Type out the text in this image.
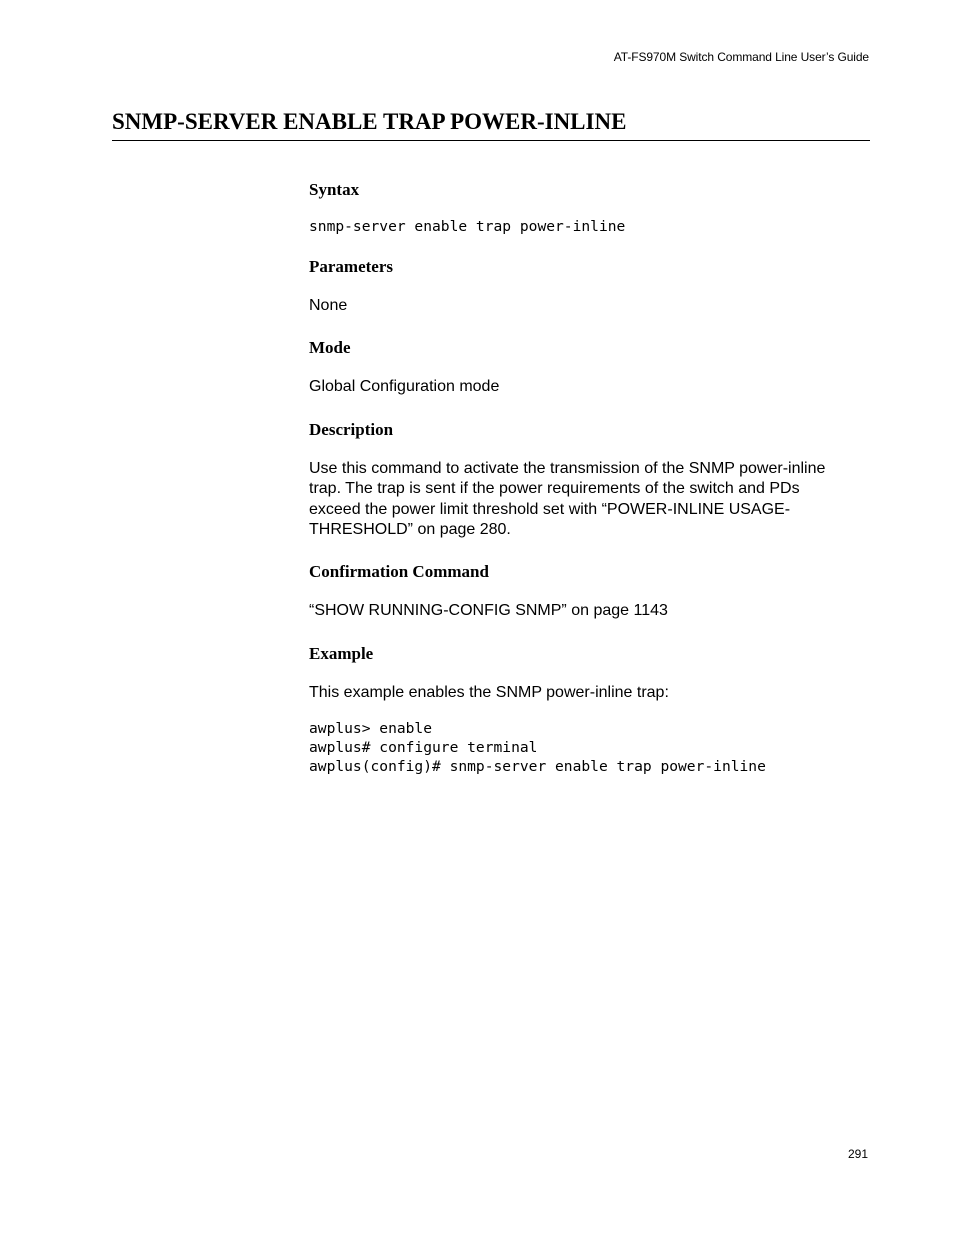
AT-FS970M Switch Command Line User’s Guide
SNMP-SERVER ENABLE TRAP POWER-INLINE
Syntax

snmp-server enable trap power-inline

Parameters

None

Mode

Global Configuration mode

Description
Use this command to activate the transmission of the SNMP power-inline
trap. The trap is sent if the power requirements of the switch and PDs
exceed the power limit threshold set with “POWER-INLINE USAGE-
THRESHOLD” on page 280.
Confirmation Command

“SHOW RUNNING-CONFIG SNMP” on page 1143

Example

This example enables the SNMP power-inline trap:

awplus> enable
awplus# configure terminal
awplus(config)# snmp-server enable trap power-inline
291
